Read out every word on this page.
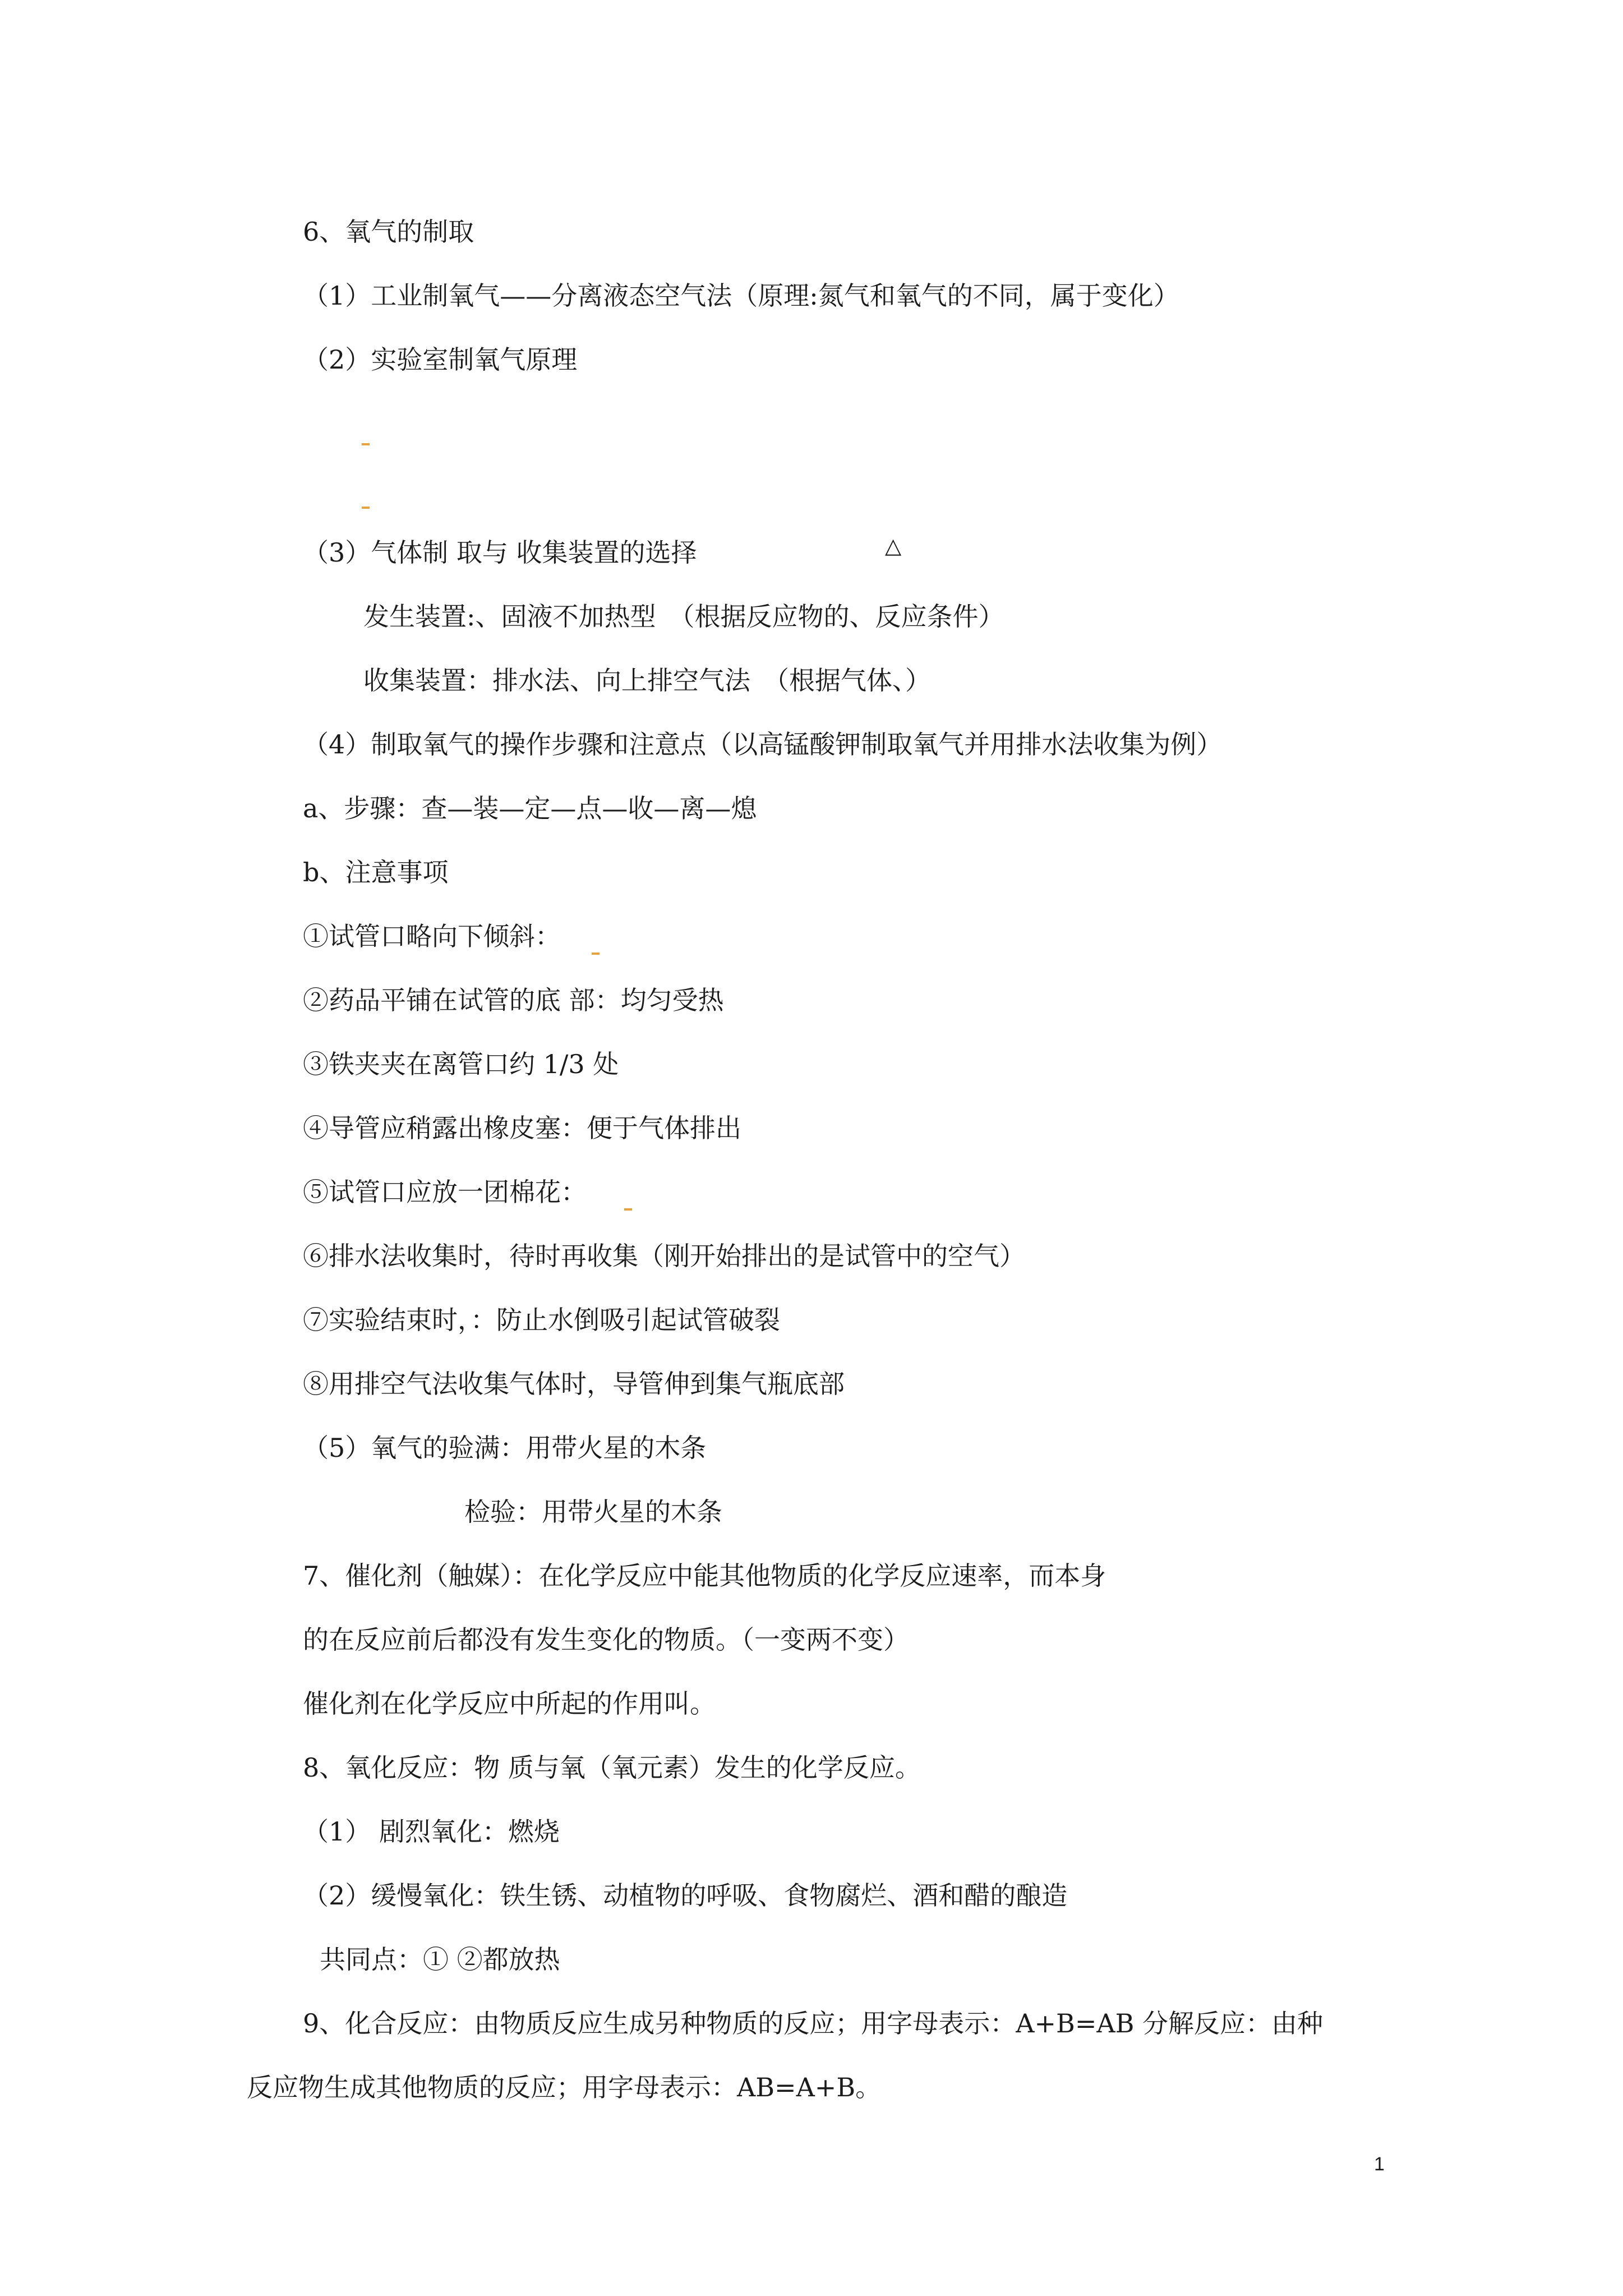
6、氧气的制取
（1）工业制氧气——分离液态空气法（原理:氮气和氧气的不同，属于变化）
（2）实验室制氧气原理
（3）气体制 取与 收集装置的选择	△
发生装置:、固液不加热型　（根据反应物的、反应条件）
收集装置：排水法、向上排空气法　（根据气体、）
（4）制取氧气的操作步骤和注意点（以高锰酸钾制取氧气并用排水法收集为例）
a、步骤：查—装—定—点—收—离—熄
b、注意事项
①试管口略向下倾斜：
②药品平铺在试管的底 部：均匀受热
③铁夹夹在离管口约 1/3 处
④导管应稍露出橡皮塞：便于气体排出
⑤试管口应放一团棉花：
⑥排水法收集时，待时再收集（刚开始排出的是试管中的空气）
⑦实验结束时，：防止水倒吸引起试管破裂
⑧用排空气法收集气体时，导管伸到集气瓶底部
（5）氧气的验满：用带火星的木条
检验：用带火星的木条
7、催化剂（触媒）：在化学反应中能其他物质的化学反应速率，而本身
的在反应前后都没有发生变化的物质。（一变两不变）
催化剂在化学反应中所起的作用叫。
8、氧化反应：物 质与氧（氧元素）发生的化学反应。
（1） 剧烈氧化：燃烧
（2）缓慢氧化：铁生锈、动植物的呼吸、食物腐烂、酒和醋的酿造
共同点：① ②都放热
9、化合反应：由物质反应生成另种物质的反应；用字母表示：A+B=AB 分解反应：由种
反应物生成其他物质的反应；用字母表示：AB=A+B。
1
